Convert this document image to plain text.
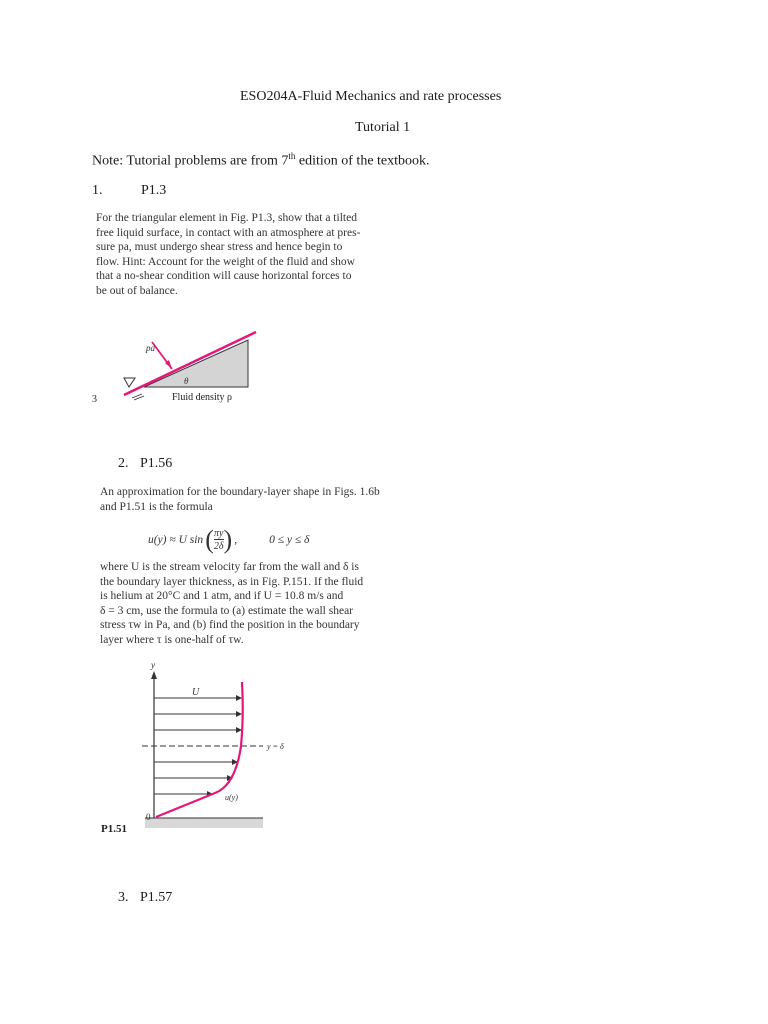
ESO204A-Fluid Mechanics and rate processes
Tutorial 1
Note: Tutorial problems are from 7th edition of the textbook.
1.	P1.3

For the triangular element in Fig. P1.3, show that a tilted

free liquid surface, in contact with an atmosphere at pres-

sure pa, must undergo shear stress and hence begin to

flow. Hint: Account for the weight of the fluid and show

that a no-shear condition will cause horizontal forces to

be out of balance.

pa
θ
Fluid density ρ
3
2. P1.56
An approximation for the boundary-layer shape in Figs. 1.6b and P1.51 is the formula
u(y) ≈ U sin ( $\frac{\pi y}{2\delta}$ ) ,	0 ≤ y ≤ δ

where U is the stream velocity far from the wall and δ is

the boundary layer thickness, as in Fig. P.151. If the fluid

is helium at 20°C and 1 atm, and if U = 10.8 m/s and

δ = 3 cm, use the formula to (a) estimate the wall shear

stress τw in Pa, and (b) find the position in the boundary

layer where τ is one-half of τw.

y
U
y = δ
u(y)
0
P1.51
3. P1.57
